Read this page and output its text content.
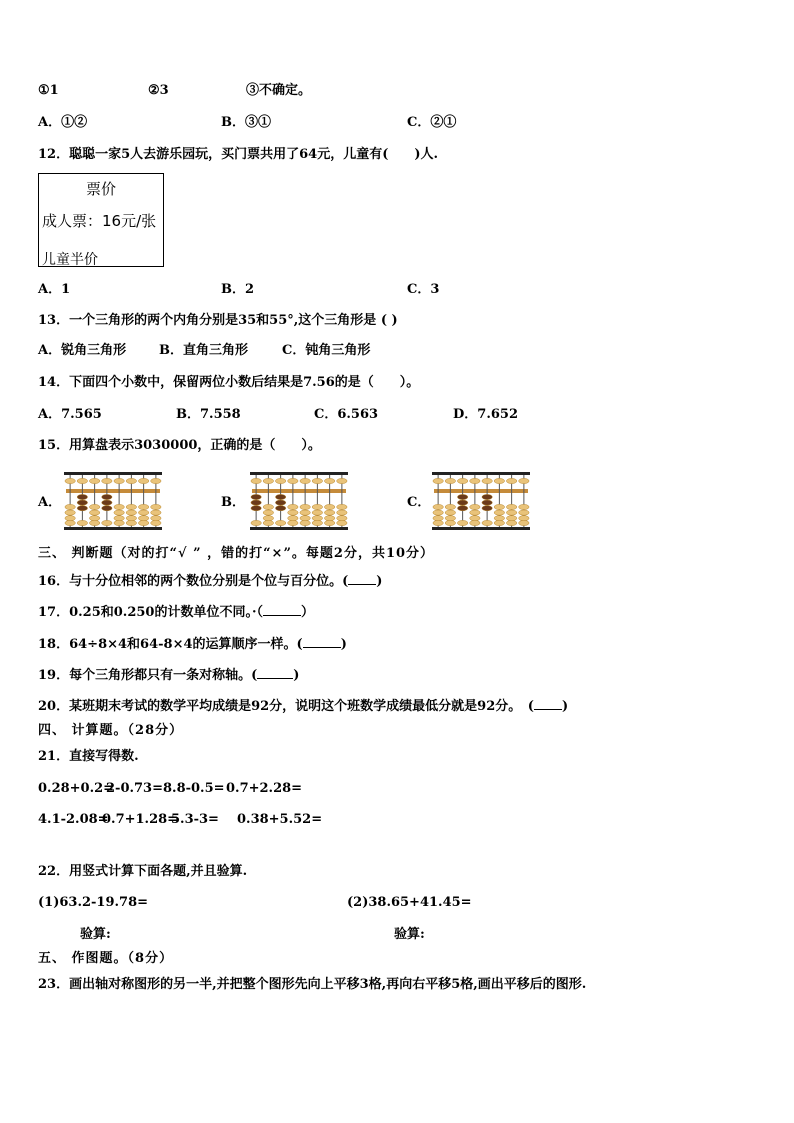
①1	②3	③不确定。
A．①②	B．③①	C．②①
12．聪聪一家5人去游乐园玩，买门票共用了64元，儿童有(　　)人.
票价
成人票：16元/张
儿童半价
A．1	B．2	C．3
13．一个三角形的两个内角分别是35和55°,这个三角形是 ( )
A．锐角三角形	B．直角三角形	C．钝角三角形
14．下面四个小数中，保留两位小数后结果是7.56的是（　　）。
A．7.565	B．7.558	C．6.563	D．7.652
15．用算盘表示3030000，正确的是（　　）。
A．	B．	C．
三、 判断题（对的打“√ ” ，错的打“×”。每题2分，共10分）
16．与十分位相邻的两个数位分别是个位与百分位。( )
17．0.25和0.250的计数单位不同。·（	）
18．64÷8×4和64-8×4的运算顺序一样。(	)
19．每个三角形都只有一条对称轴。(	)
20．某班期末考试的数学平均成绩是92分，说明这个班数学成绩最低分就是92分。　( )
四、 计算题。（28分）
21．直接写得数.
0.28+0.2=
2-0.73= 8.8-0.5= 0.7+2.28=
4.1-2.08=
0.7+1.28=
5.3-3= 0.38+5.52=
22．用竖式计算下面各题,并且验算.
(1)63.2-19.78=	(2)38.65+41.45=
验算:	验算:
五、 作图题。（8分）
23．画出轴对称图形的另一半,并把整个图形先向上平移3格,再向右平移5格,画出平移后的图形.
